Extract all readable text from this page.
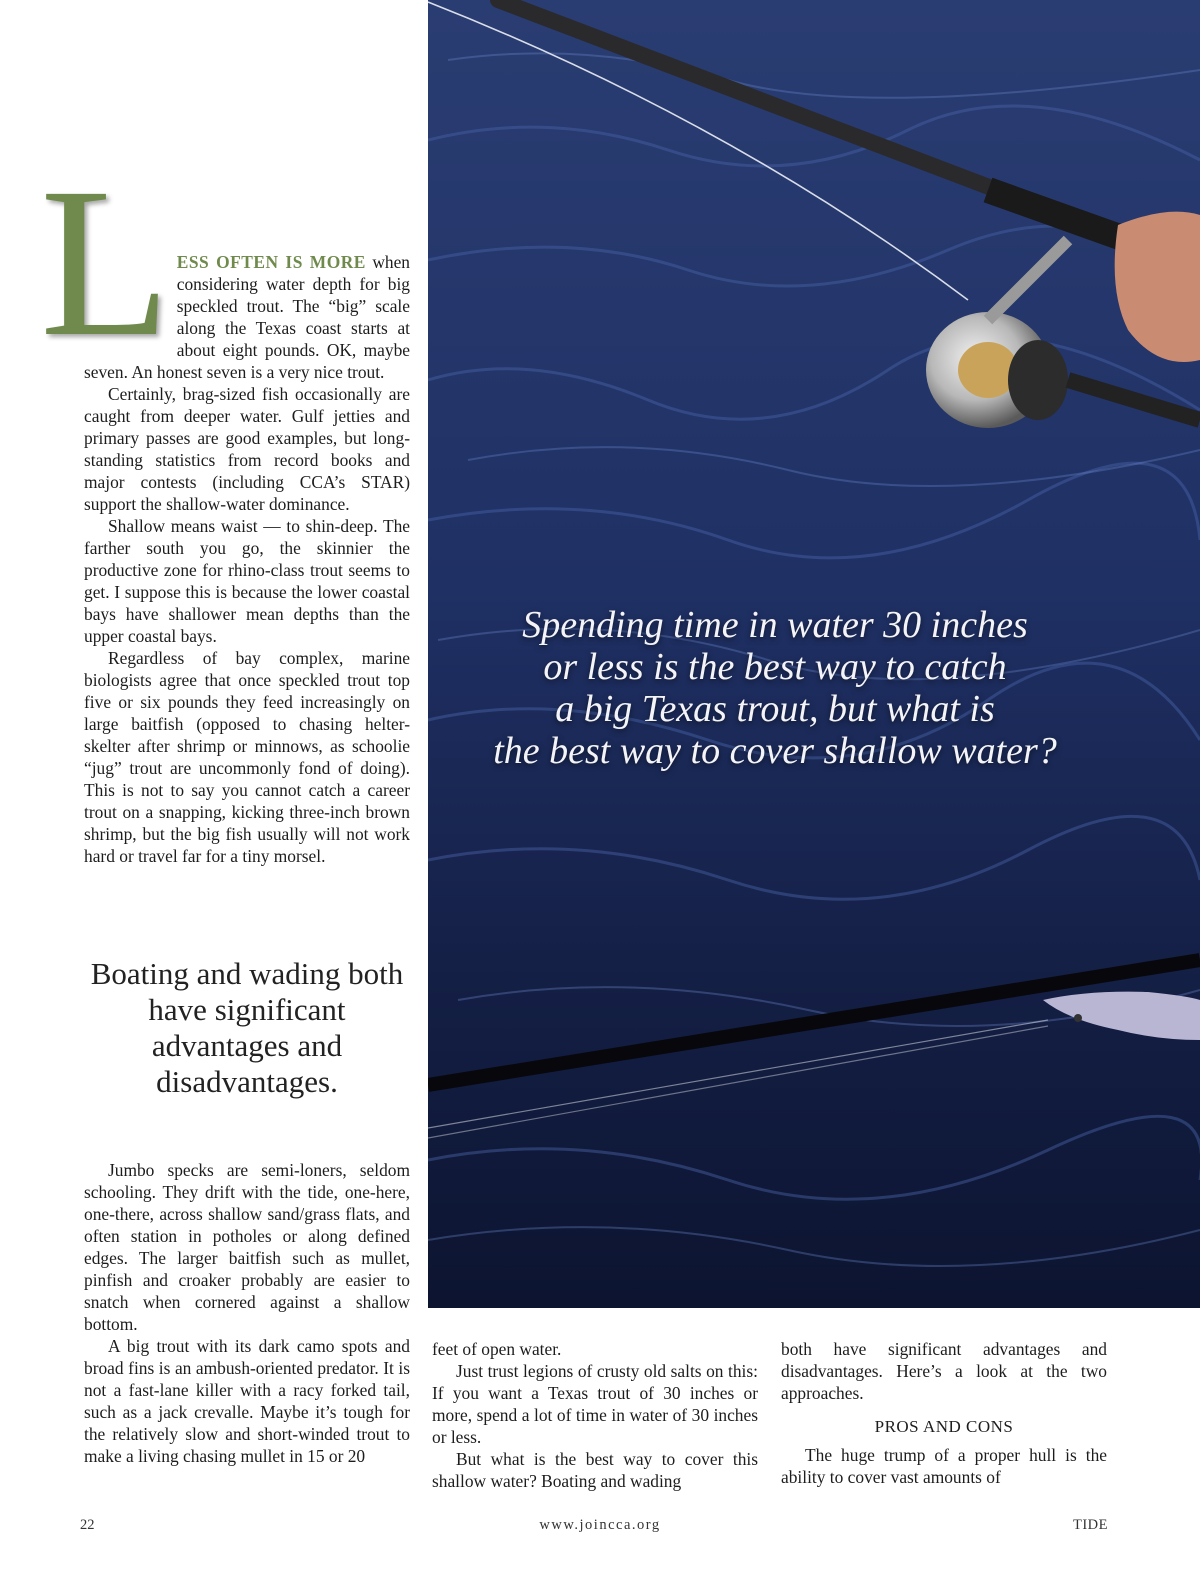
Spending time in water 30 inches
or less is the best way to catch
a big Texas trout, but what is
the best way to cover shallow water?

LESS OFTEN IS MORE when considering water depth for big speckled trout. The “big” scale along the Texas coast starts at about eight pounds. OK, maybe seven. An honest seven is a very nice trout.

Certainly, brag-sized fish occasionally are caught from deeper water. Gulf jetties and primary passes are good examples, but long-standing statistics from record books and major contests (including CCA’s STAR) support the shallow-water dominance.

Shallow means waist — to shin-deep. The farther south you go, the skinnier the productive zone for rhino-class trout seems to get. I suppose this is because the lower coastal bays have shallower mean depths than the upper coastal bays.

Regardless of bay complex, marine biologists agree that once speckled trout top five or six pounds they feed increasingly on large baitfish (opposed to chasing helter-skelter after shrimp or minnows, as schoolie “jug” trout are uncommonly fond of doing). This is not to say you cannot catch a career trout on a snapping, kicking three-inch brown shrimp, but the big fish usually will not work hard or travel far for a tiny morsel.

Boating and wading both have significant advantages and disadvantages.

Jumbo specks are semi-loners, seldom schooling. They drift with the tide, one-here, one-there, across shallow sand/grass flats, and often station in potholes or along defined edges. The larger baitfish such as mullet, pinfish and croaker probably are easier to snatch when cornered against a shallow bottom.

A big trout with its dark camo spots and broad fins is an ambush-oriented predator. It is not a fast-lane killer with a racy forked tail, such as a jack crevalle. Maybe it’s tough for the relatively slow and short-winded trout to make a living chasing mullet in 15 or 20

feet of open water.

Just trust legions of crusty old salts on this: If you want a Texas trout of 30 inches or more, spend a lot of time in water of 30 inches or less.

But what is the best way to cover this shallow water? Boating and wading

both have significant advantages and disadvantages. Here’s a look at the two approaches.

PROS AND CONS

The huge trump of a proper hull is the ability to cover vast amounts of

22	www.joincca.org	TIDE
